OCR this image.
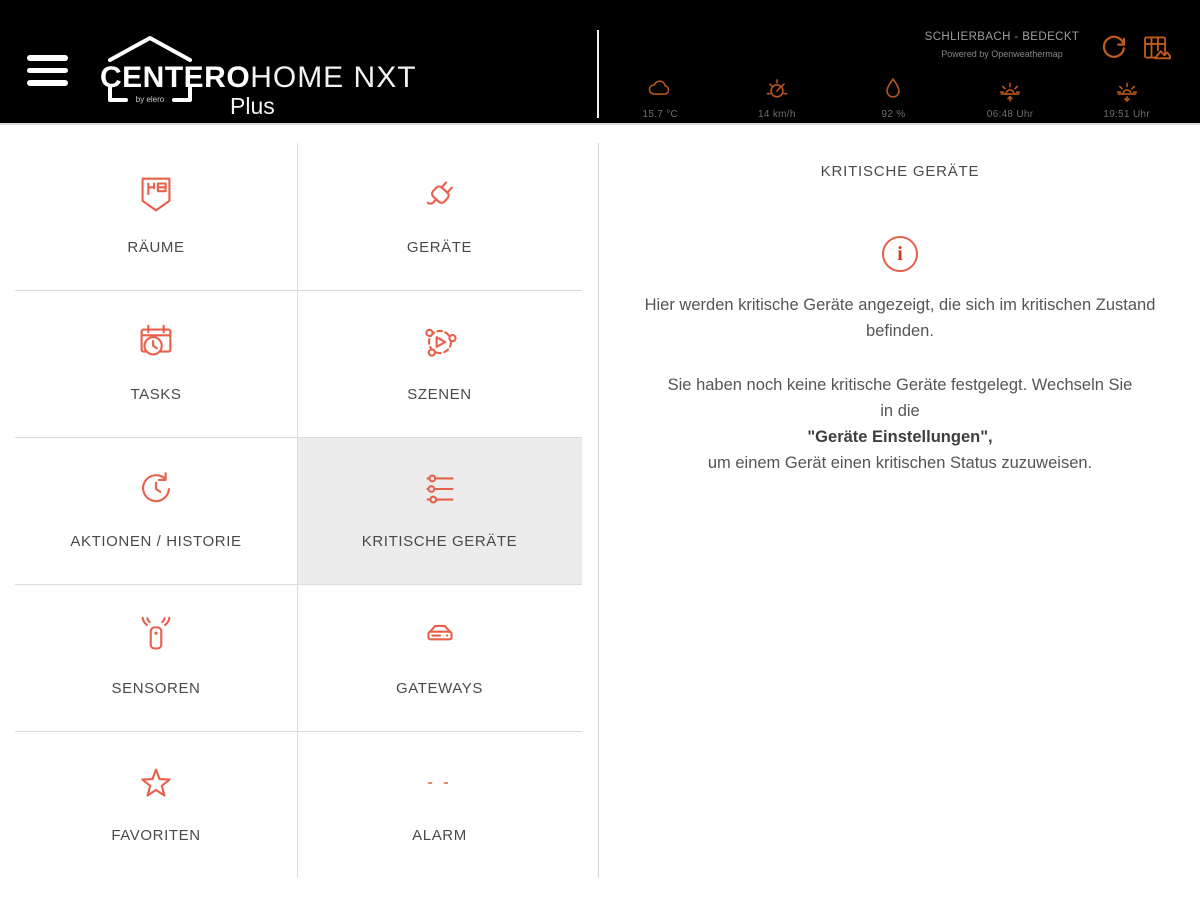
by elero
CENTEROHOME NXT
Plus
SCHLIERBACH - BEDECKT
Powered by Openweathermap
15.7 °C	14 km/h	92 %	06:48 Uhr	19:51 Uhr
RÄUME	GERÄTE
TASKS	SZENEN
AKTIONEN / HISTORIE	KRITISCHE GERÄTE
SENSOREN	GATEWAYS
FAVORITEN
- -
ALARM
KRITISCHE GERÄTE
i

Hier werden kritische Geräte angezeigt, die sich im kritischen Zustand befinden.

Sie haben noch keine kritische Geräte festgelegt. Wechseln Sie in die
"Geräte Einstellungen",
um einem Gerät einen kritischen Status zuzuweisen.
